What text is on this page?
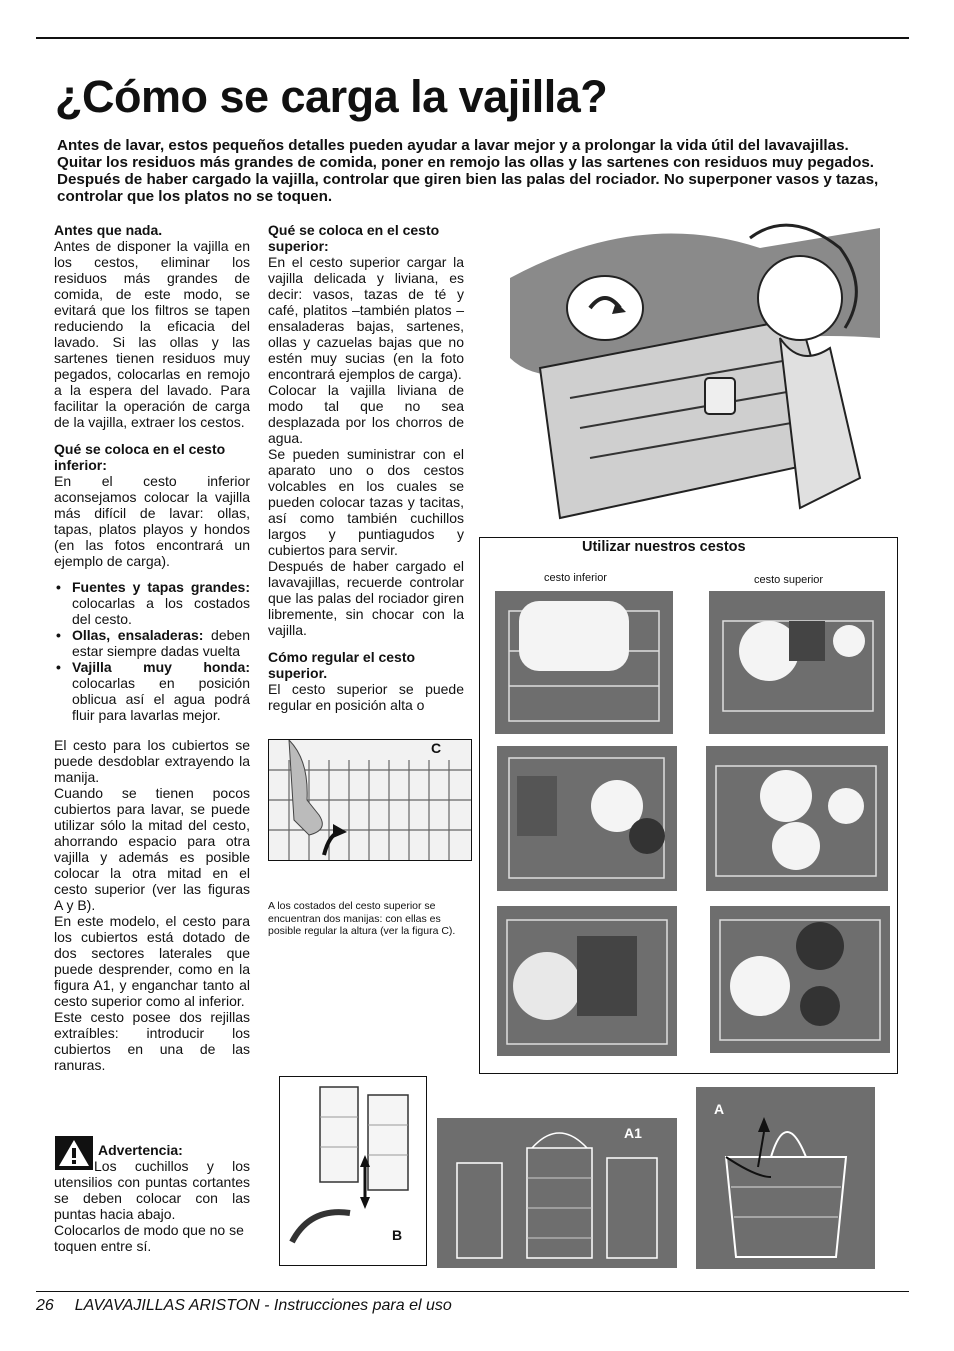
¿Cómo se carga la vajilla?

Antes de lavar, estos pequeños detalles pueden ayudar a lavar mejor y a prolongar la vida útil del lavavajillas. Quitar los residuos más grandes de comida, poner en remojo las ollas y las sartenes con residuos muy pegados. Después de haber cargado la vajilla, controlar que giren bien las palas del rociador. No superponer vasos y tazas, controlar que los platos no se toquen.

Antes que nada.

Antes de disponer la vajilla en los cestos, eliminar los residuos más grandes de comida, de este modo, se evitará que los filtros se tapen reduciendo la eficacia del lavado. Si las ollas y las sartenes tienen residuos muy pegados, colocarlas en remojo a la espera del lavado. Para facilitar la operación de carga de la vajilla, extraer los cestos.

Qué se coloca en el cesto inferior:

En el cesto inferior aconsejamos colocar la vajilla más difícil de lavar: ollas, tapas, platos playos y hondos (en las fotos encontrará un ejemplo de carga).

• Fuentes y tapas grandes: colocarlas a los costados del cesto.
• Ollas, ensaladeras: deben estar siempre dadas vuelta
• Vajilla muy honda: colocarlas en posición oblicua así el agua podrá fluir para lavarlas mejor.

El cesto para los cubiertos se puede desdoblar extrayendo la manija.

Cuando se tienen pocos cubiertos para lavar, se puede utilizar sólo la mitad del cesto, ahorrando espacio para otra vajilla y además es posible colocar la otra mitad en el cesto superior (ver las figuras A y B).

En este modelo, el cesto para los cubiertos está dotado de dos sectores laterales que puede desprender, como en la figura A1, y enganchar tanto al cesto superior como al inferior.

Este cesto posee dos rejillas extraíbles: introducir los cubiertos en una de las ranuras.

Advertencia:

Los cuchillos y los utensilios con puntas cortantes se deben colocar con las puntas hacia abajo.

Colocarlos de modo que no se toquen entre sí.

Qué se coloca en el cesto superior:

En el cesto superior cargar la vajilla delicada y liviana, es decir: vasos, tazas de té y café, platitos –también platos –ensaladeras bajas, sartenes, ollas y cazuelas bajas que no estén muy sucias (en la foto encontrará ejemplos de carga).

Colocar la vajilla liviana de modo tal que no sea desplazada por los chorros de agua.

Se pueden suministrar con el aparato uno o dos cestos volcables en los cuales se pueden colocar tazas y tacitas, así como también cuchillos largos y puntiagudos y cubiertos para servir.

Después de haber cargado el lavavajillas, recuerde controlar que las palas del rociador giren libremente, sin chocar con la vajilla.

Cómo regular el cesto superior.

El cesto superior se puede regular en posición alta o

C

A los costados del cesto superior se encuentran dos manijas: con ellas es posible regular la altura (ver la figura C).

Utilizar nuestros cestos
cesto inferior	cesto superior
B
A1
A
26 LAVAVAJILLAS ARISTON - Instrucciones para el uso
